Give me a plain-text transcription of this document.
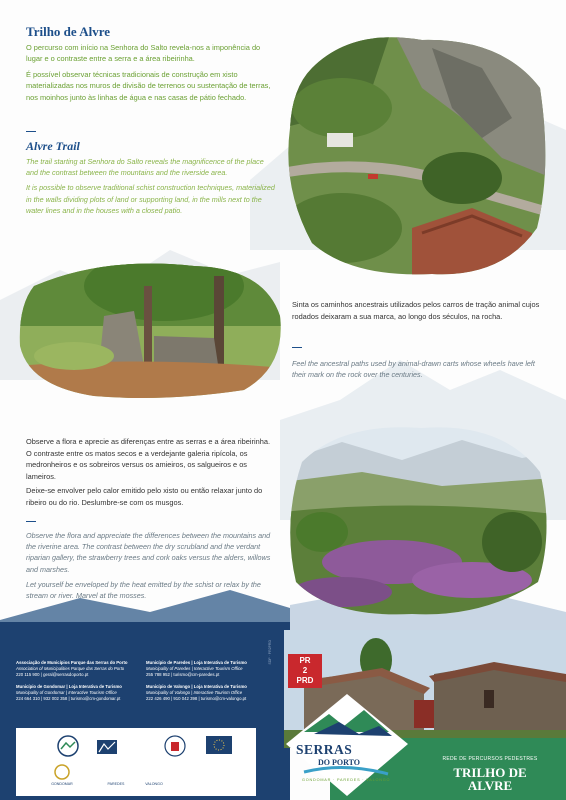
Trilho de Alvre

O percurso com início na Senhora do Salto revela-nos a imponência do lugar e o contraste entre a serra e a área ribeirinha.

É possível observar técnicas tradicionais de construção em xisto materializadas nos muros de divisão de terrenos ou sustentação de terras, nos moinhos junto às linhas de água e nas casas de pátio fechado.

Alvre Trail

The trail starting at Senhora do Salto reveals the magnificence of the place and the contrast between the mountains and the riverside area.

It is possible to observe traditional schist construction techniques, materialized in the walls dividing plots of land or supporting land, in the mills next to the water lines and in the houses with a closed patio.

Sinta os caminhos ancestrais utilizados pelos carros de tração animal cujos rodados deixaram a sua marca, ao longo dos séculos, na rocha.
Feel the ancestral paths used by animal-drawn carts whose wheels have left their mark on the rock over the centuries.

Observe a flora e aprecie as diferenças entre as serras e a área ribeirinha. O contraste entre os matos secos e a verdejante galeria ripícola, os medronheiros e os sobreiros versus os amieiros, os salgueiros e os lameiros.

Deixe-se envolver pelo calor emitido pelo xisto ou então relaxar junto do ribeiro ou do rio. Deslumbre-se com os musgos.

Observe the flora and appreciate the differences between the mountains and the riverine area. The contrast between the dry scrubland and the verdant riparian gallery, the strawberry trees and cork oaks versus the alders, willows and marshes.

Let yourself be enveloped by the heat emitted by the schist or relax by the stream or river. Marvel at the mosses.

SDP · PR2PRD
Associação de Municípios Parque das Serras do Porto
Association of Municipalities Parque das Serras do Porto
220 115 900 | geral@serrasdoporto.pt
Município de Gondomar | Loja Interativa de Turismo
Municipality of Gondomar | Interactive Tourism Office
224 664 310 | 932 002 358 | turismo@cm-gondomar.pt
Município de Paredes | Loja Interativa de Turismo
Municipality of Paredes | Interactive Tourism Office
255 788 952 | turismo@cm-paredes.pt
Município de Valongo | Loja Interativa de Turismo
Municipality of Valongo | Interactive Tourism Office
222 426 490 | 910 042 398 | turismo@cm-valongo.pt
GONDOMAR	PAREDES	VALONGO
PR
2
PRD
REDE DE PERCURSOS PEDESTRES
TRILHO DE
ALVRE
SERRAS
DO PORTO
GONDOMAR · PAREDES · VALONGO
